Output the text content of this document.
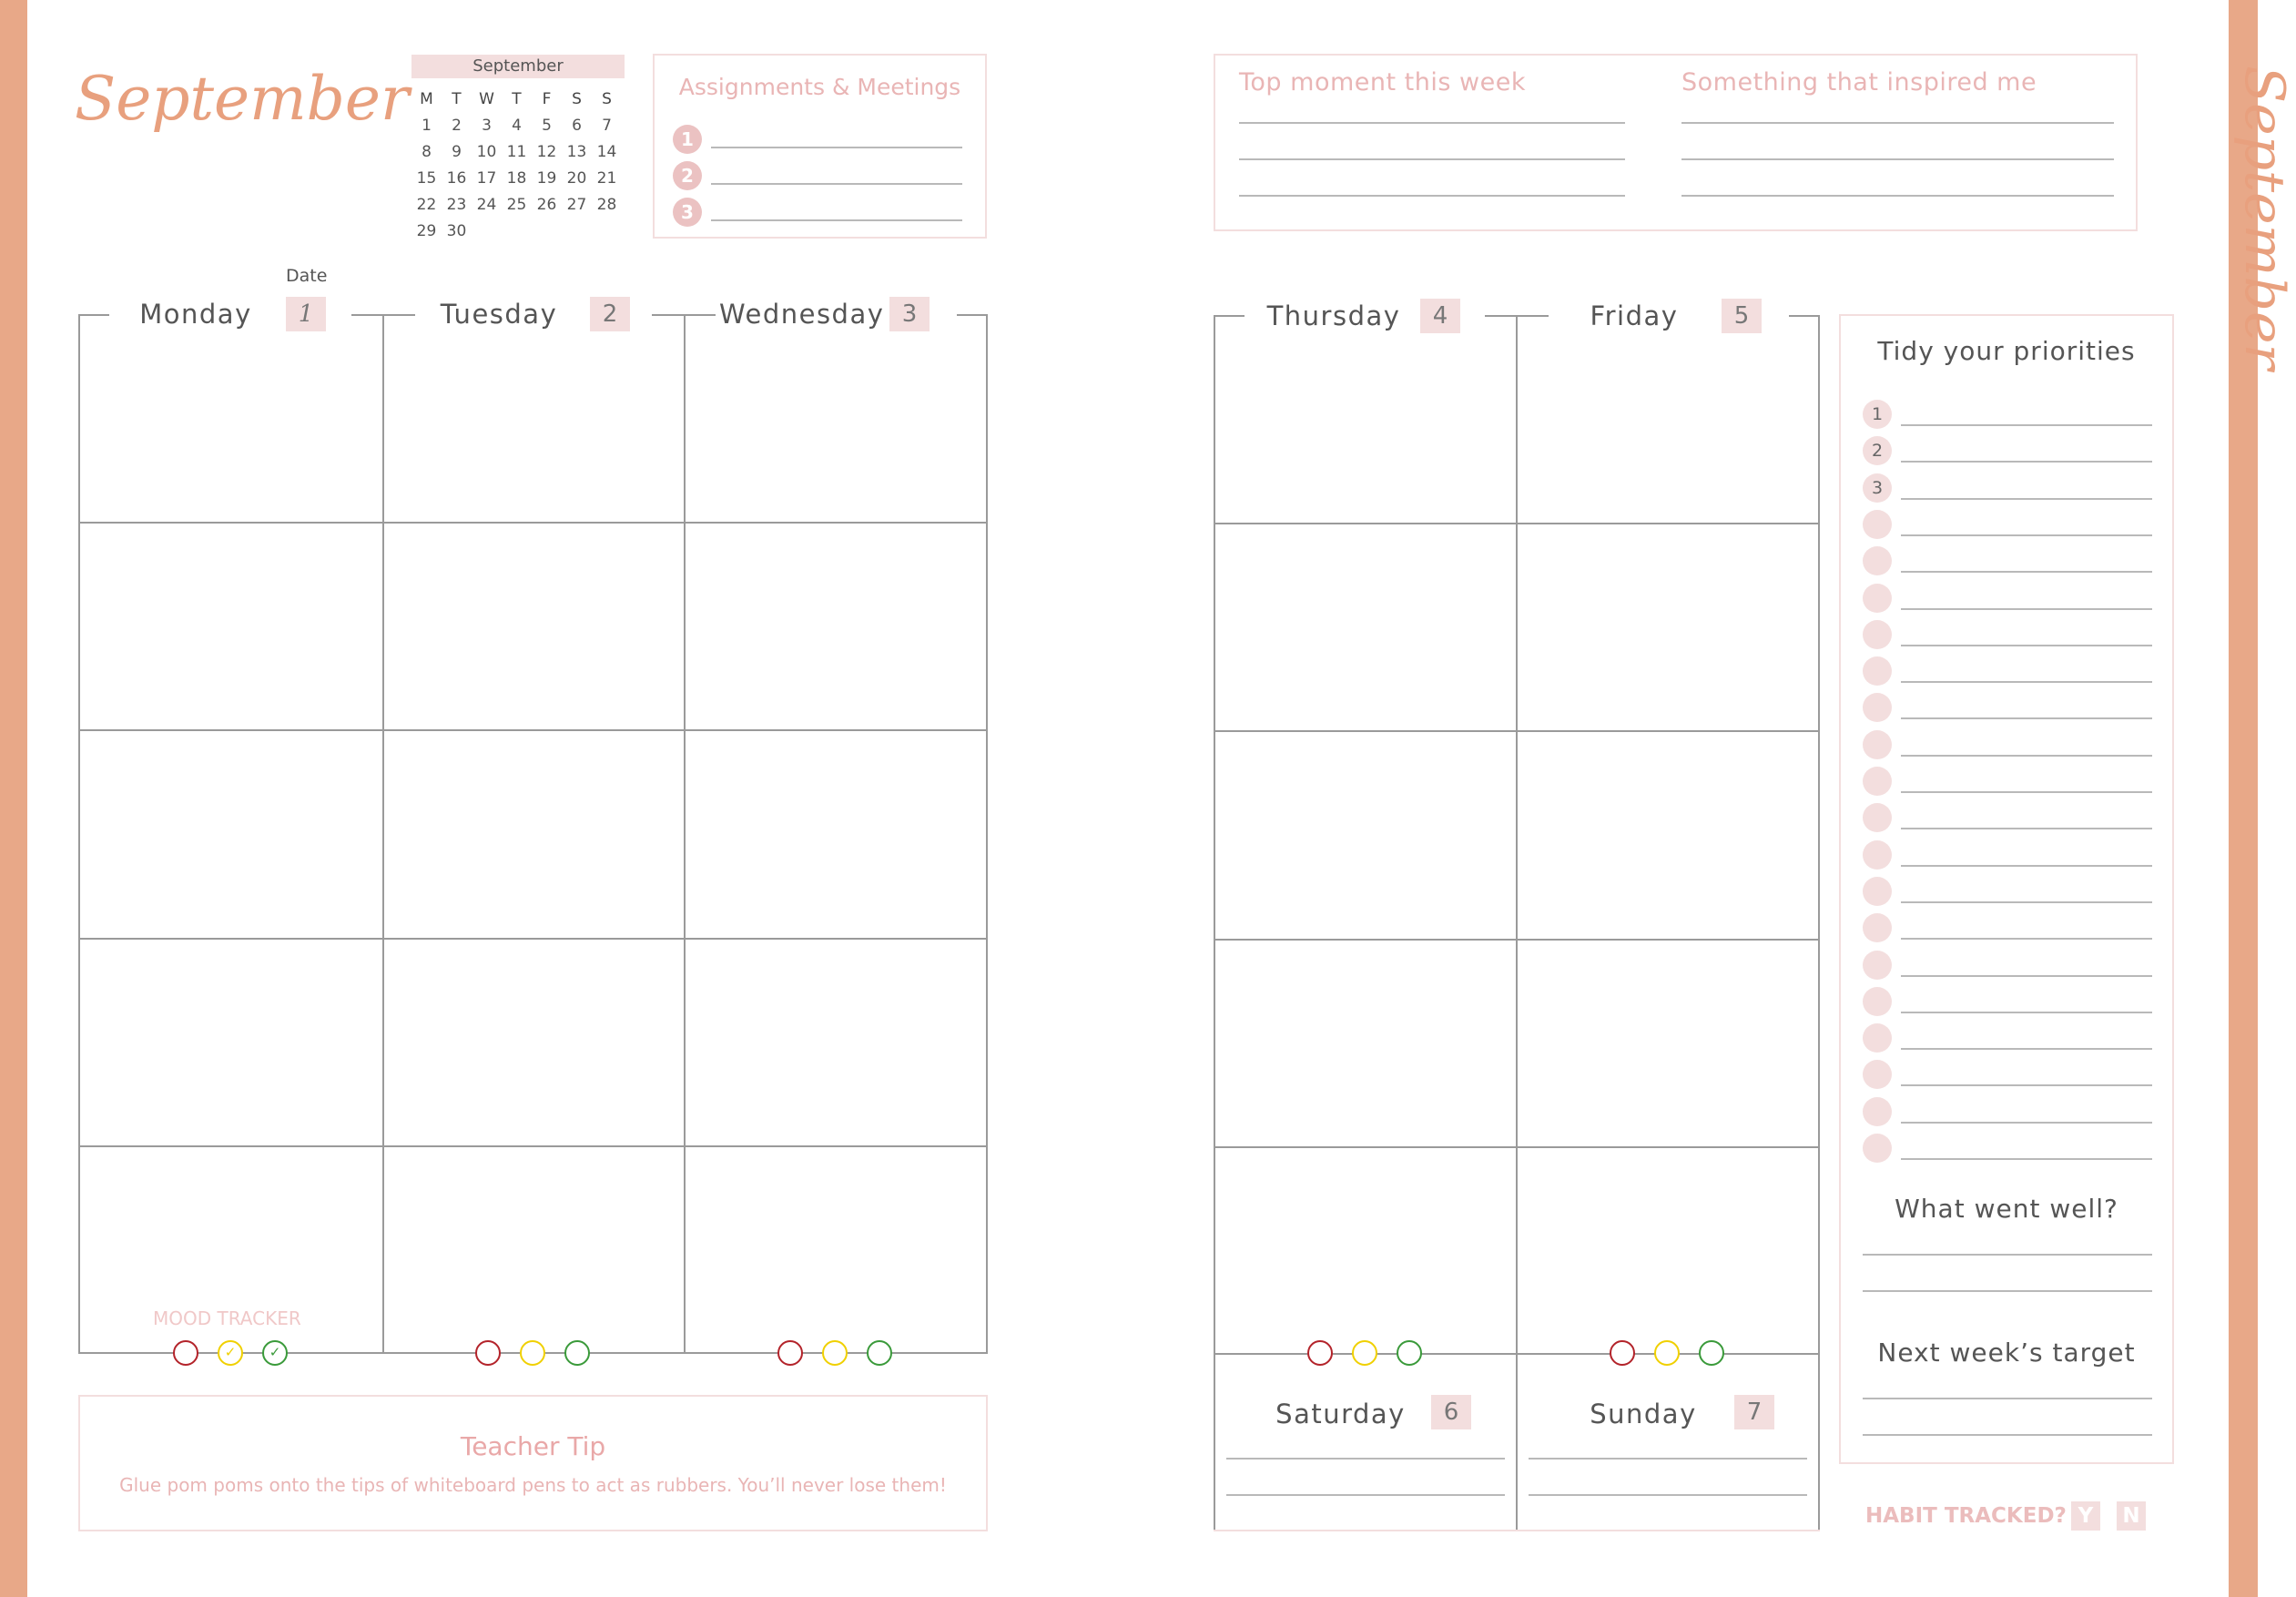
September	September
M	T	W	T	F	S	S
1	2	3	4	5	6	7
8	9	10	11	12	13	14
15	16	17	18	19	20	21
22	23	24	25	26	27	28
29	30					
Assignments & Meetings
1
2
3
Date
Monday	1	Tuesday	2	Wednesday 3
MOOD TRACKER
✓	✓
Teacher Tip
Glue pom poms onto the tips of whiteboard pens to act as rubbers. You’ll never lose them!
Top moment this week	Something that inspired me	September
Thursday	4	Friday	5
Saturday	6	Sunday	7
Tidy your priorities
1
2
3
What went well?
Next week’s target
HABIT TRACKED? Y	N
